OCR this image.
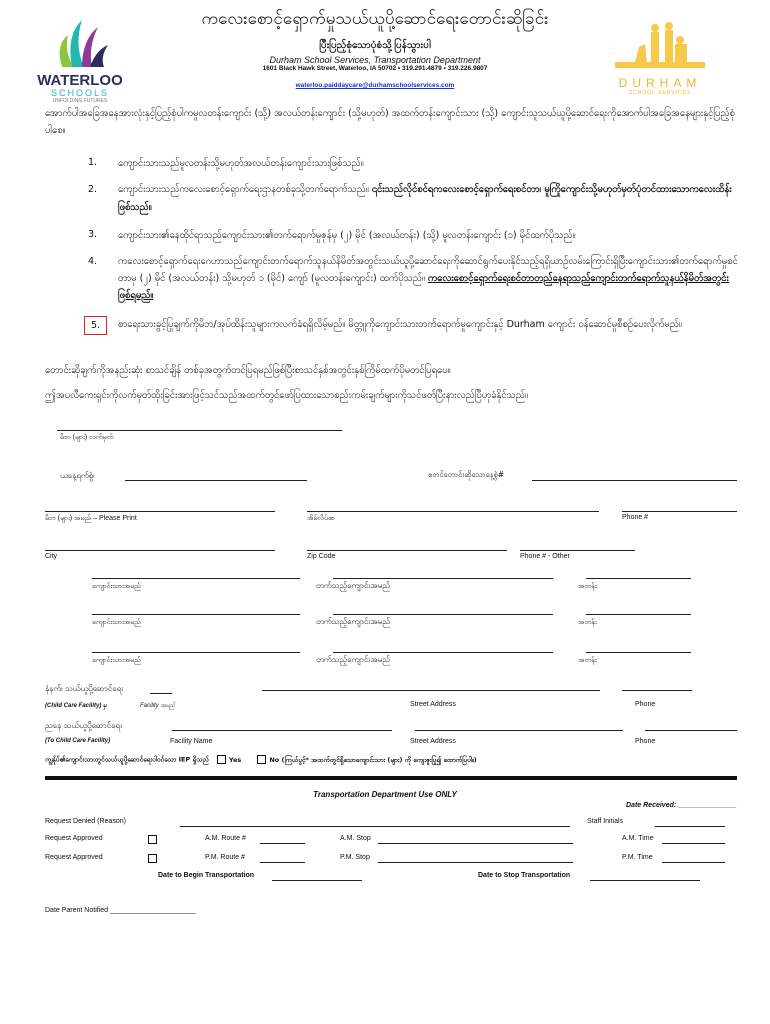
WATERLOO
SCHOOLS
UNFOLDING FUTURES
DURHAM
SCHOOL SERVICES
ကလေးစောင့်ရှောက်မှုသယ်ယူပို့ဆောင်ရေးတောင်းဆိုခြင်း
ပြီးပြည့်စုံသောပုံစံသို့ပြန်သွားပါ
Durham School Services, Transportation Department
1601 Black Hawk Street, Waterloo, IA 50702 • 319.291.4879 • 319.226.9807
waterloo.paiddaycare@durhamschoolservices.com
အောက်ပါအခြေအနေအားလုံးနှင့်ပြည့်စုံပါကမူလတန်းကျောင်း (သို့) အလယ်တန်းကျောင်း (သို့မဟုတ်) အထက်တန်းကျောင်းသား (သို့) ကျောင်းသူသယ်ယူပို့ဆောင်ရေးကိုအောက်ပါအခြေအနေများနှင့်ပြည့်စုံပါစေ။
1. ကျောင်းသားသည်မူလတန်းသို့မဟုတ်အလယ်တန်းကျောင်းသားဖြစ်သည်။
2. ကျောင်းသားသည်ကလေးစောင့်ရှောက်ရေးဌာနတစ်ခုသို့တက်ရောက်သည်။ ၎င်းသည်လိုင်စင်ရကလေးစောင့်ရှောက်ရေးစင်တာ၊ မူကြိုကျောင်းသို့မဟုတ်မှတ်ပုံတင်ထားသောကလေးထိန်းဖြစ်သည်။
3. ကျောင်းသား၏နေထိုင်ရာသည်ကျောင်းသား၏တက်ရောက်မှုဇုန်မှ (၂) မိုင် (အလယ်တန်း) (သို့) မူလတန်းကျောင်း (၁) မိုင်ထက်ပိုသည်။
4. ကလေးစောင့်ရှောက်ရေးဂေဟာသည်ကျောင်းတက်ရောက်သူနယ်နိမိတ်အတွင်းသယ်ယူပို့ဆောင်ရေးကိုဆောင်ရွက်ပေးနိုင်သည့်ရရှိယာဉ်လမ်းကြောင်းရှိပြီးကျောင်းသား၏တက်ရောက်မှုစင်တာမှ (၂) မိုင် (အလယ်တန်း) သို့မဟုတ် ၁ (မိုင်) ကျော် (မူလတန်းကျောင်း) ထက်ပိုသည်။ ကလေးစောင့်ရှောက်ရေးစင်တာတည်နေရာသည်ကျောင်းတက်ရောက်သူနယ်နိမိတ်အတွင်းဖြစ်ရမည်။
5.	စာရေးသားခွင့်ပြုချက်ကိုမိဘ/အုပ်ထိန်းသူများကလက်ခံရရှိလိမ့်မည်။ မိတ္တူကိုကျောင်းသားတက်ရောက်မှုကျောင်းနှင့် Durham ကျောင်း ဝန်ဆောင်မှုစီစဉ်ပေးလိုက်မည်။
တောင်းဆိုချက်ကိုအနည်းဆုံး စာသင်ချိန် တစ်ခုအတွက်တင်ပြရမည်ဖြစ်ပြီးစာသင်နှစ်အတွင်းနှစ်ကြိမ်ထက်ပိုမတင်ပြရပေ။
ဤအပလီကေးရှင်းကိုလက်မှတ်ထိုးခြင်းအားဖြင့်သင်သည်အထက်တွင်ဖော်ပြထားသောစည်းကမ်းချက်များကိုသင်ဖတ်ပြီးနားလည်ပြီဟုခံနိုင်သည်။
မိဘ (များ) လက်မှတ်
ယနေ့ရက်စွဲ၊	စတင်တောင်းဆိုသောနေ့စွဲ#
မိဘ (များ) အမည် – Please Print	အိမ်လိပ်စာ	Phone #
City	Zip Code	Phone # - Other
ကျောင်းသားအမည်	တက်သည့်ကျောင်းအမည်	အတန်း
ကျောင်းသားအမည်	တက်သည့်ကျောင်းအမည်	အတန်း
ကျောင်းသားအမည်	တက်သည့်ကျောင်းအမည်	အတန်း
နံနက်၊ သယ်ယူပို့ဆောင်ရေး
(Child Care Facility) မှ	Facility အမည်	Street Address	Phone
ညနေ သယ်ယူပို့ဆောင်ရေး
(To Child Care Facility)	Facility Name	Street Address	Phone
ကျွန်ုပ်၏ကျောင်းသားတွင်သယ်ယူပို့ဆောင်ရေးပါဝင်သော IEP ရှိသည်	Yes	No (ကြယ်ပွင့်* အထက်တွင်ရှိသောကျောင်းသား (များ) ကို ကျေးဇူးပြု၍ ထောက်ပြပါ။)
Transportation Department Use ONLY
Date Received: _______________
Request Denied (Reason)	Staff Initials
Request Approved	A.M. Route #	A.M. Stop	A.M. Time
Request Approved	P.M. Route #	P.M. Stop	P.M. Time
Date to Begin Transportation	Date to Stop Transportation
Date Parent Notified ______________________
